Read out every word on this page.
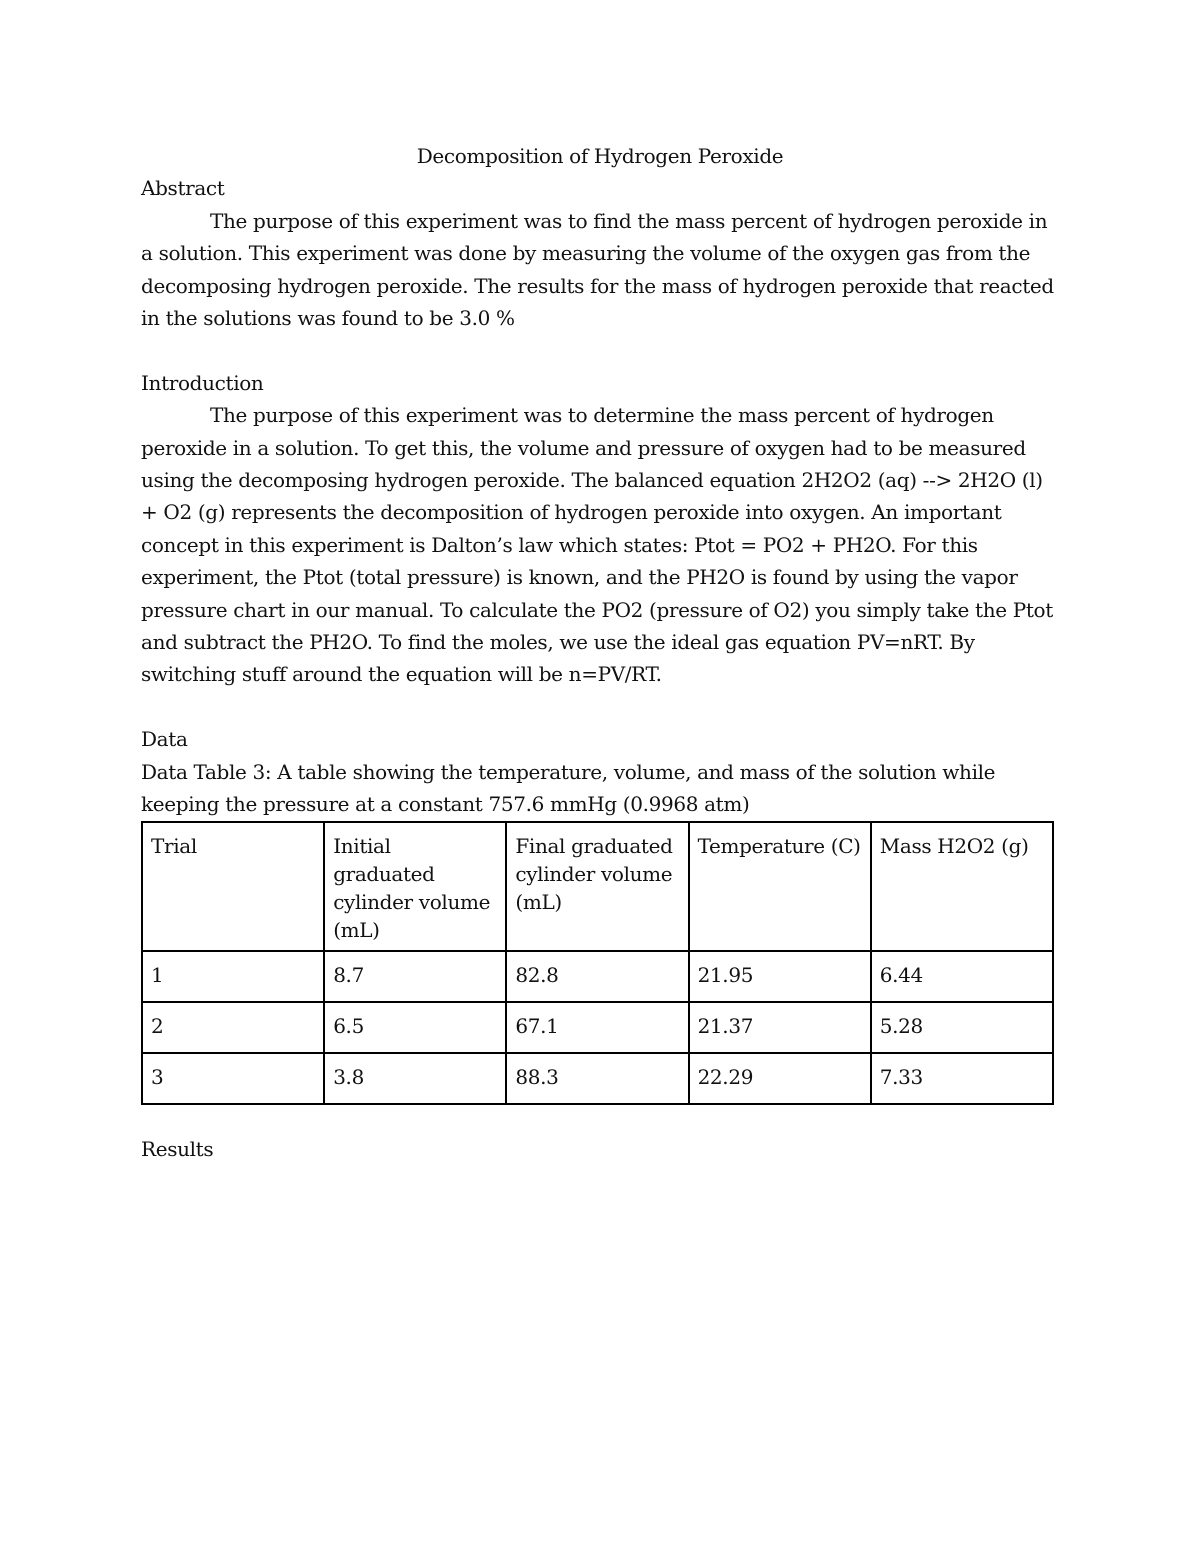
Decomposition of Hydrogen Peroxide

Abstract

The purpose of this experiment was to find the mass percent of hydrogen peroxide in a solution. This experiment was done by measuring the volume of the oxygen gas from the decomposing hydrogen peroxide. The results for the mass of hydrogen peroxide that reacted in the solutions was found to be 3.0 %

Introduction

The purpose of this experiment was to determine the mass percent of hydrogen peroxide in a solution. To get this, the volume and pressure of oxygen had to be measured using the decomposing hydrogen peroxide. The balanced equation 2H2O2 (aq) --> 2H2O (l) + O2 (g) represents the decomposition of hydrogen peroxide into oxygen. An important concept in this experiment is Dalton’s law which states: Ptot = PO2 + PH2O. For this experiment, the Ptot (total pressure) is known, and the PH2O is found by using the vapor pressure chart in our manual. To calculate the PO2 (pressure of O2) you simply take the Ptot and subtract the PH2O. To find the moles, we use the ideal gas equation PV=nRT. By switching stuff around the equation will be n=PV/RT.

Data

Data Table 3: A table showing the temperature, volume, and mass of the solution while keeping the pressure at a constant 757.6 mmHg (0.9968 atm)

Trial	Initial graduated cylinder volume (mL)	Final graduated cylinder volume (mL)	Temperature (C)	Mass H2O2 (g)
1	8.7	82.8	21.95	6.44
2	6.5	67.1	21.37	5.28
3	3.8	88.3	22.29	7.33

Results
